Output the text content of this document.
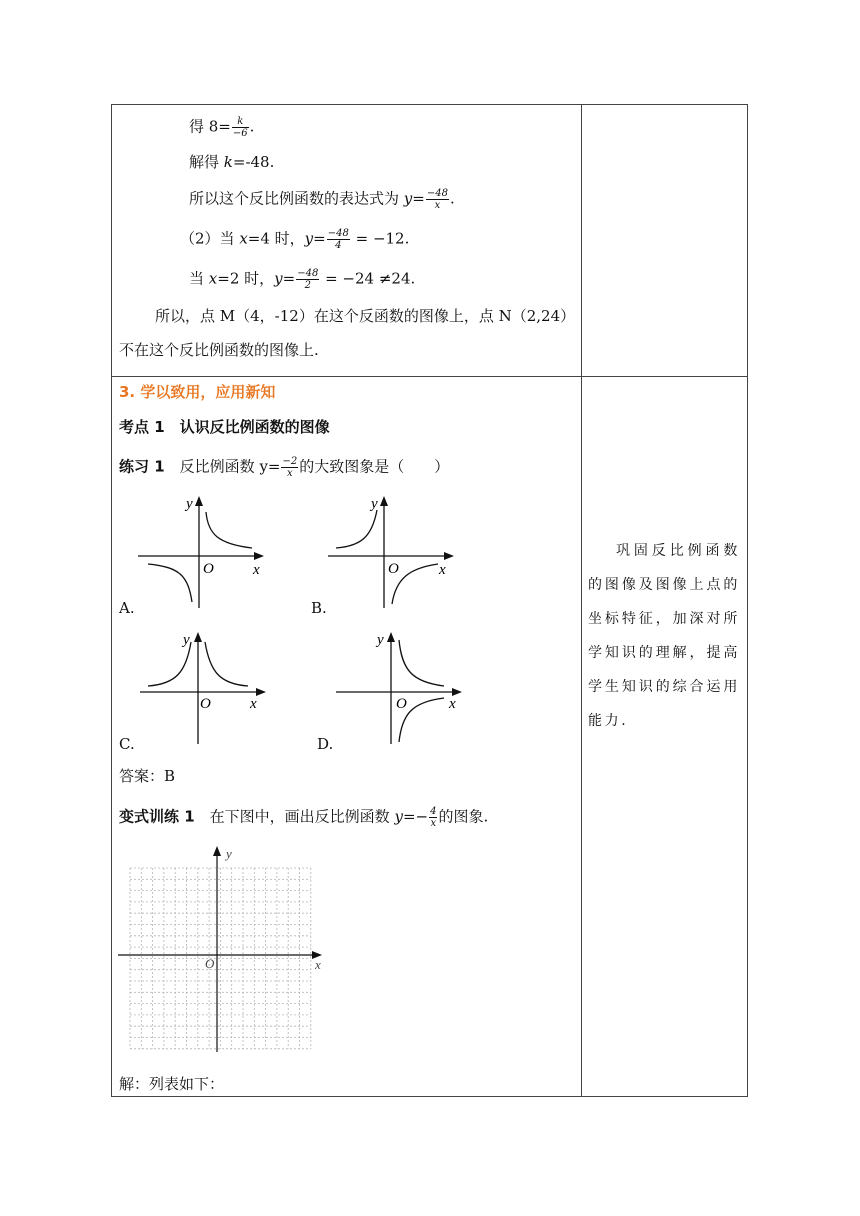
得 $8= \frac{k}{-6}$ .
解得 k=-48.
所以这个反比例函数的表达式为 $y= \frac{-48}{x}$ .
（2）当 x=4 时，$y= \frac{-48}{4} = -12$.
当 x=2 时，$y= \frac{-48}{2} = -24 \ne 24$.
所以，点 M（4，-12）在这个反函数的图像上，点 N（2,24）
不在这个反比例函数的图像上.
3. 学以致用，应用新知
考点 1　认识反比例函数的图像
练习 1　反比例函数 $y= \frac{-2}{x}$ 的大致图象是（　　）
y
x
O
A.
y
x
O
B.
y
x
O
C.
y
x
O
D.
答案：B
变式训练 1　在下图中，画出反比例函数 $y=- \frac{4}{x}$ 的图象.
y
x
O
解：列表如下：
巩固反比例函数的图像及图像上点的坐标特征，加深对所学知识的理解，提高学生知识的综合运用能力.
